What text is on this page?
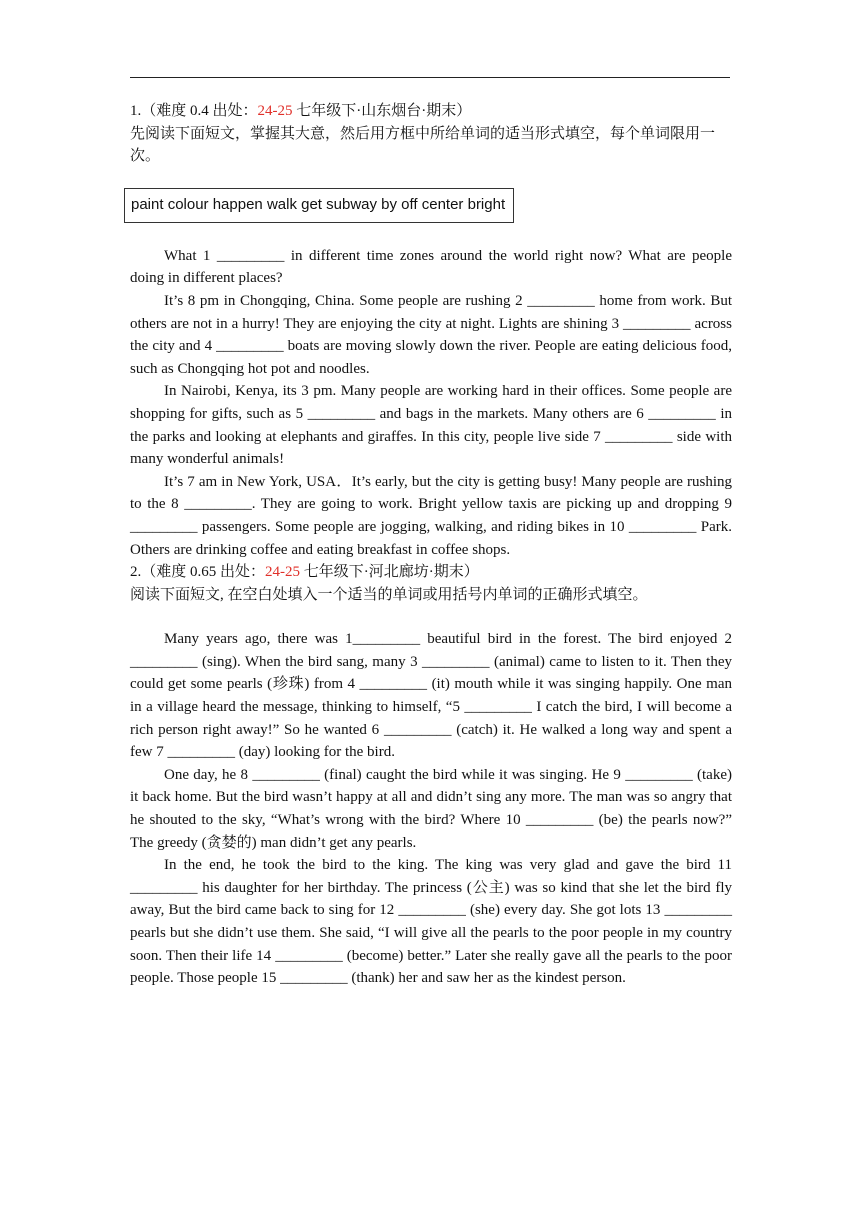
1.（难度 0.4 出处：24-25 七年级下·山东烟台·期末）
先阅读下面短文，掌握其大意，然后用方框中所给单词的适当形式填空，每个单词限用一次。
paint colour happen walk get subway by off center bright

What 1 _________ in different time zones around the world right now? What are people doing in different places?

It’s 8 pm in Chongqing, China. Some people are rushing 2 _________ home from work. But others are not in a hurry! They are enjoying the city at night. Lights are shining 3 _________ across the city and 4 _________ boats are moving slowly down the river. People are eating delicious food, such as Chongqing hot pot and noodles.

In Nairobi, Kenya, its 3 pm. Many people are working hard in their offices. Some people are shopping for gifts, such as 5 _________ and bags in the markets. Many others are 6 _________ in the parks and looking at elephants and giraffes. In this city, people live side 7 _________ side with many wonderful animals!

It’s 7 am in New York, USA．It’s early, but the city is getting busy! Many people are rushing to the 8 _________. They are going to work. Bright yellow taxis are picking up and dropping 9 _________ passengers. Some people are jogging, walking, and riding bikes in 10 _________ Park. Others are drinking coffee and eating breakfast in coffee shops.

2.（难度 0.65 出处：24-25 七年级下·河北廊坊·期末）
阅读下面短文, 在空白处填入一个适当的单词或用括号内单词的正确形式填空。

Many years ago, there was 1_________ beautiful bird in the forest. The bird enjoyed 2 _________ (sing). When the bird sang, many 3 _________ (animal) came to listen to it. Then they could get some pearls (珍珠) from 4 _________ (it) mouth while it was singing happily. One man in a village heard the message, thinking to himself, “5 _________ I catch the bird, I will become a rich person right away!” So he wanted 6 _________ (catch) it. He walked a long way and spent a few 7 _________ (day) looking for the bird.

One day, he 8 _________ (final) caught the bird while it was singing. He 9 _________ (take) it back home. But the bird wasn’t happy at all and didn’t sing any more. The man was so angry that he shouted to the sky, “What’s wrong with the bird? Where 10 _________ (be) the pearls now?” The greedy (贪婪的) man didn’t get any pearls.

In the end, he took the bird to the king. The king was very glad and gave the bird 11 _________ his daughter for her birthday. The princess (公主) was so kind that she let the bird fly away, But the bird came back to sing for 12 _________ (she) every day. She got lots 13 _________ pearls but she didn’t use them. She said, “I will give all the pearls to the poor people in my country soon. Then their life 14 _________ (become) better.” Later she really gave all the pearls to the poor people. Those people 15 _________ (thank) her and saw her as the kindest person.
